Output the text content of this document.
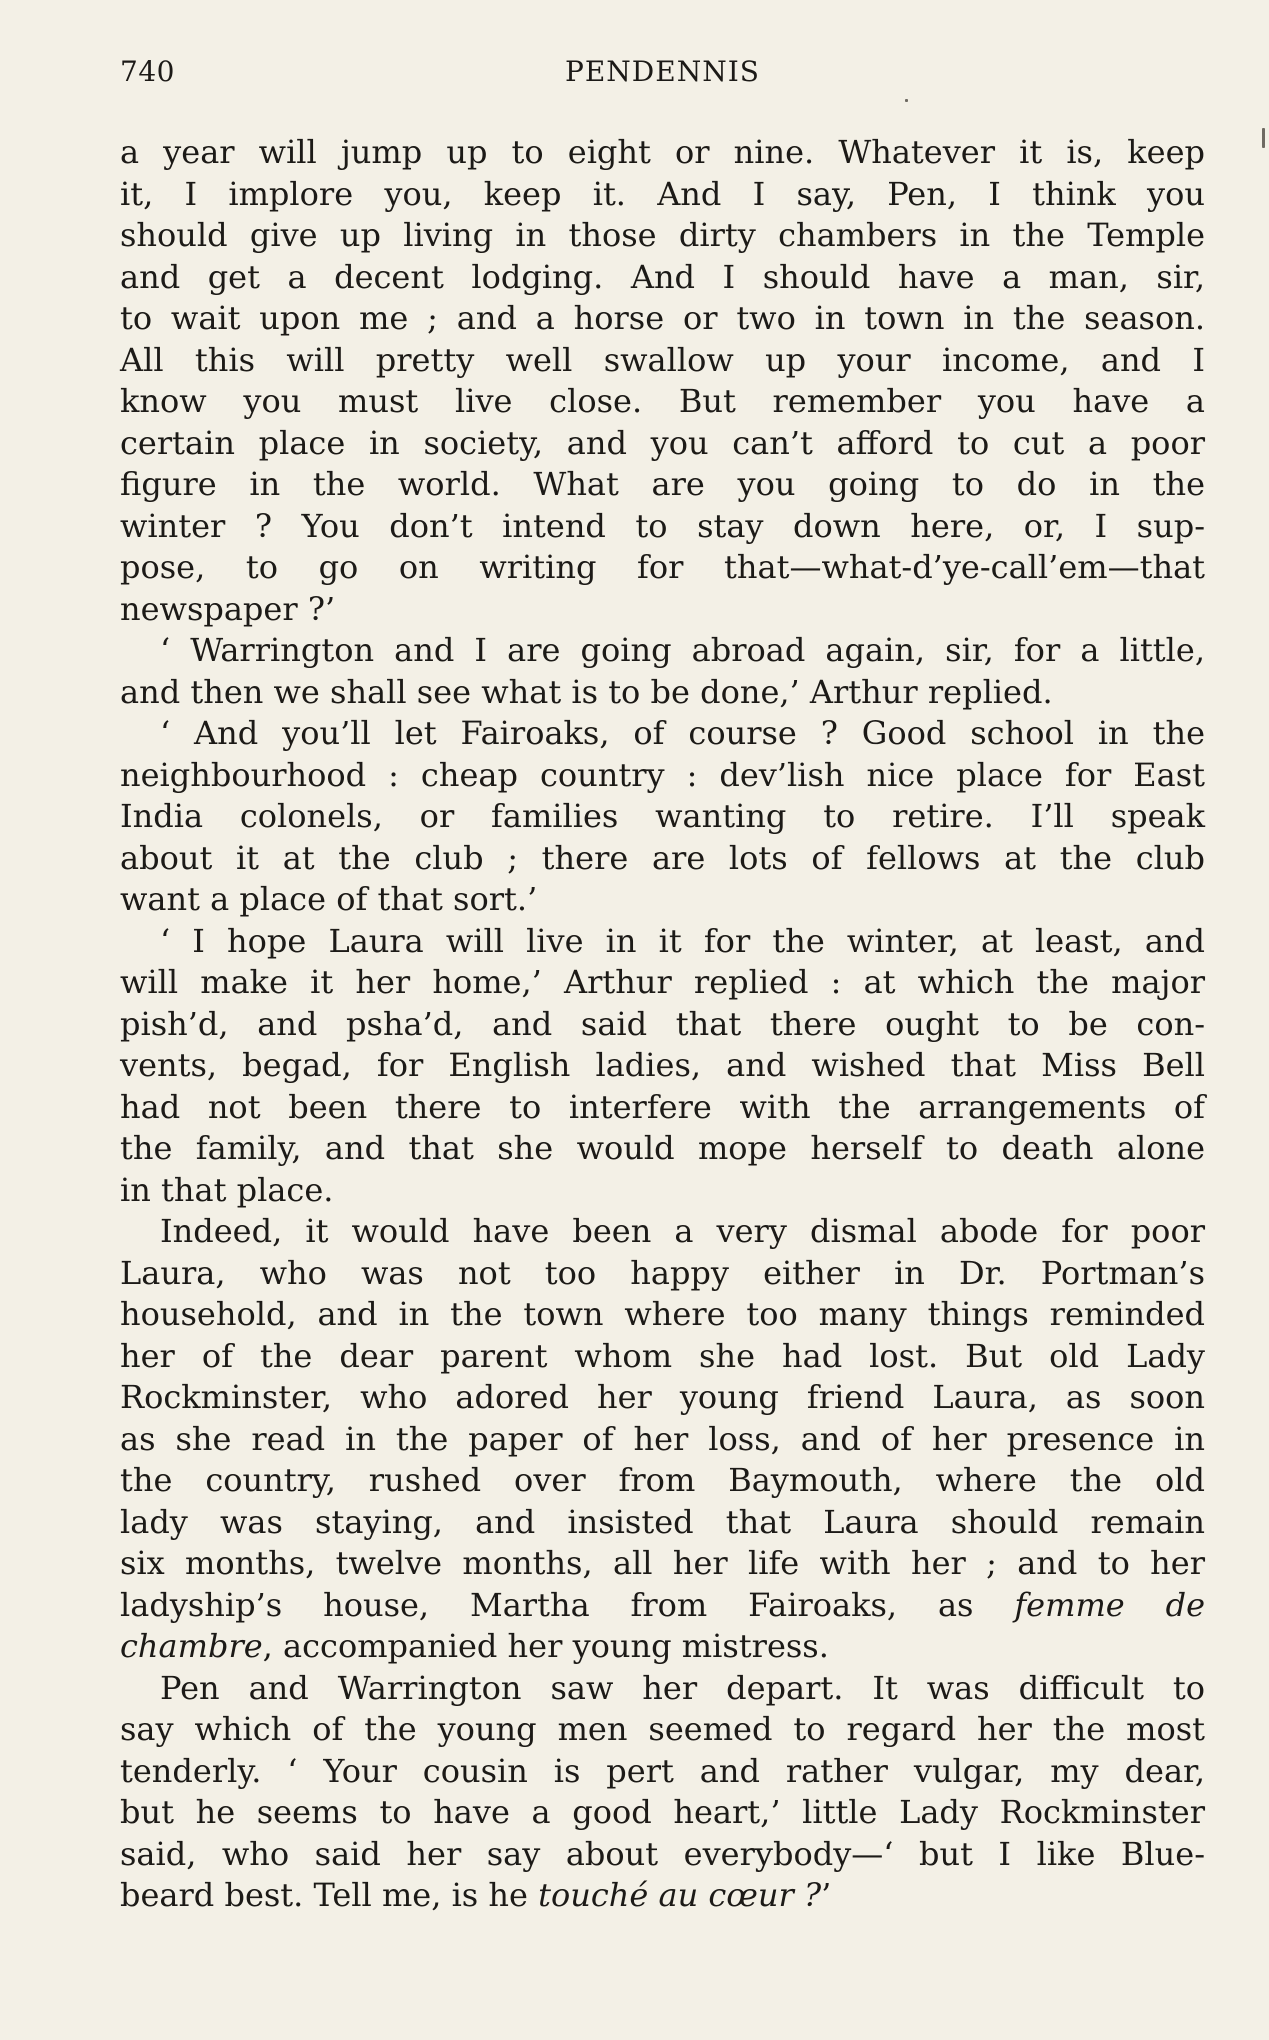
740	PENDENNIS
a year will jump up to eight or nine. Whatever it is, keep
it, I implore you, keep it. And I say, Pen, I think you
should give up living in those dirty chambers in the Temple
and get a decent lodging. And I should have a man, sir,
to wait upon me ; and a horse or two in town in the season.
All this will pretty well swallow up your income, and I
know you must live close. But remember you have a
certain place in society, and you can’t afford to cut a poor
figure in the world. What are you going to do in the
winter ? You don’t intend to stay down here, or, I sup-
pose, to go on writing for that—what-d’ye-call’em—that
newspaper ?’
‘ Warrington and I are going abroad again, sir, for a little,
and then we shall see what is to be done,’ Arthur replied.
‘ And you’ll let Fairoaks, of course ? Good school in the
neighbourhood : cheap country : dev’lish nice place for East
India colonels, or families wanting to retire. I’ll speak
about it at the club ; there are lots of fellows at the club
want a place of that sort.’
‘ I hope Laura will live in it for the winter, at least, and
will make it her home,’ Arthur replied : at which the major
pish’d, and psha’d, and said that there ought to be con-
vents, begad, for English ladies, and wished that Miss Bell
had not been there to interfere with the arrangements of
the family, and that she would mope herself to death alone
in that place.
Indeed, it would have been a very dismal abode for poor
Laura, who was not too happy either in Dr. Portman’s
household, and in the town where too many things reminded
her of the dear parent whom she had lost. But old Lady
Rockminster, who adored her young friend Laura, as soon
as she read in the paper of her loss, and of her presence in
the country, rushed over from Baymouth, where the old
lady was staying, and insisted that Laura should remain
six months, twelve months, all her life with her ; and to her
ladyship’s house, Martha from Fairoaks, as femme de
chambre, accompanied her young mistress.
Pen and Warrington saw her depart. It was difficult to
say which of the young men seemed to regard her the most
tenderly. ‘ Your cousin is pert and rather vulgar, my dear,
but he seems to have a good heart,’ little Lady Rockminster
said, who said her say about everybody—‘ but I like Blue-
beard best. Tell me, is he touché au cœur ?’
